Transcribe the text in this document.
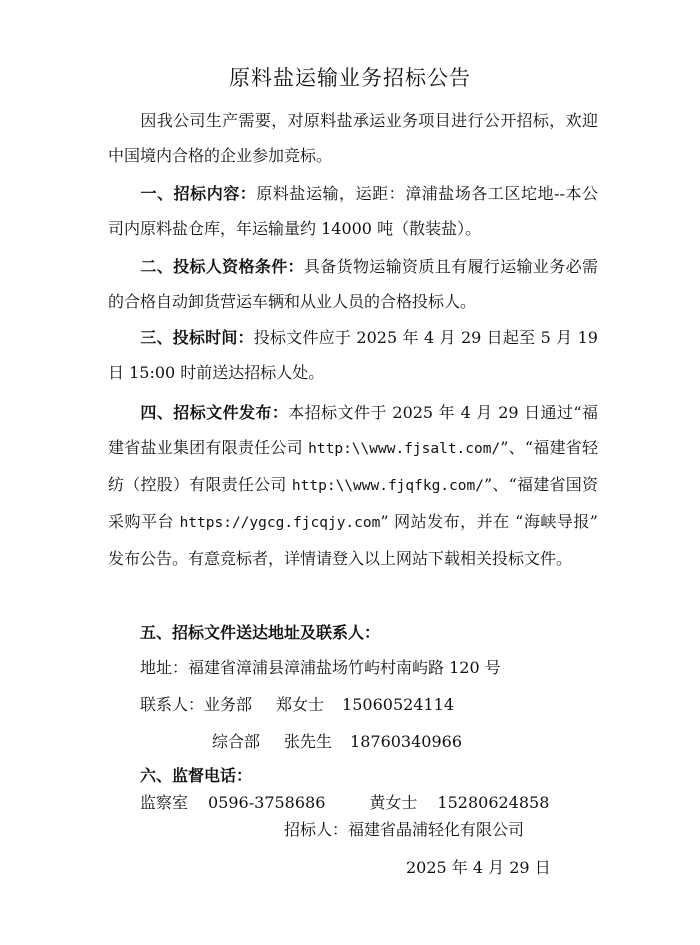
原料盐运输业务招标公告
因我公司生产需要，对原料盐承运业务项目进行公开招标，欢迎中国境内合格的企业参加竞标。
一、招标内容：原料盐运输，运距：漳浦盐场各工区坨地--本公司内原料盐仓库，年运输量约 14000 吨（散装盐）。
二、投标人资格条件：具备货物运输资质且有履行运输业务必需的合格自动卸货营运车辆和从业人员的合格投标人。
三、投标时间：投标文件应于 2025 年 4 月 29 日起至 5 月 19 日 15:00 时前送达招标人处。
四、招标文件发布：本招标文件于 2025 年 4 月 29 日通过“福建省盐业集团有限责任公司 http:\\www.fjsalt.com/”、“福建省轻纺（控股）有限责任公司 http:\\www.fjqfkg.com/”、“福建省国资采购平台 https://ygcg.fjcqjy.com” 网站发布，并在 “海峡导报” 发布公告。有意竞标者，详情请登入以上网站下载相关投标文件。
五、招标文件送达地址及联系人：
地址：福建省漳浦县漳浦盐场竹屿村南屿路 120 号
联系人：业务部 郑女士 15060524114
综合部 张先生 18760340966
六、监督电话：
监察室 0596-3758686	黄女士 15280624858
招标人：福建省晶浦轻化有限公司
2025 年 4 月 29 日
